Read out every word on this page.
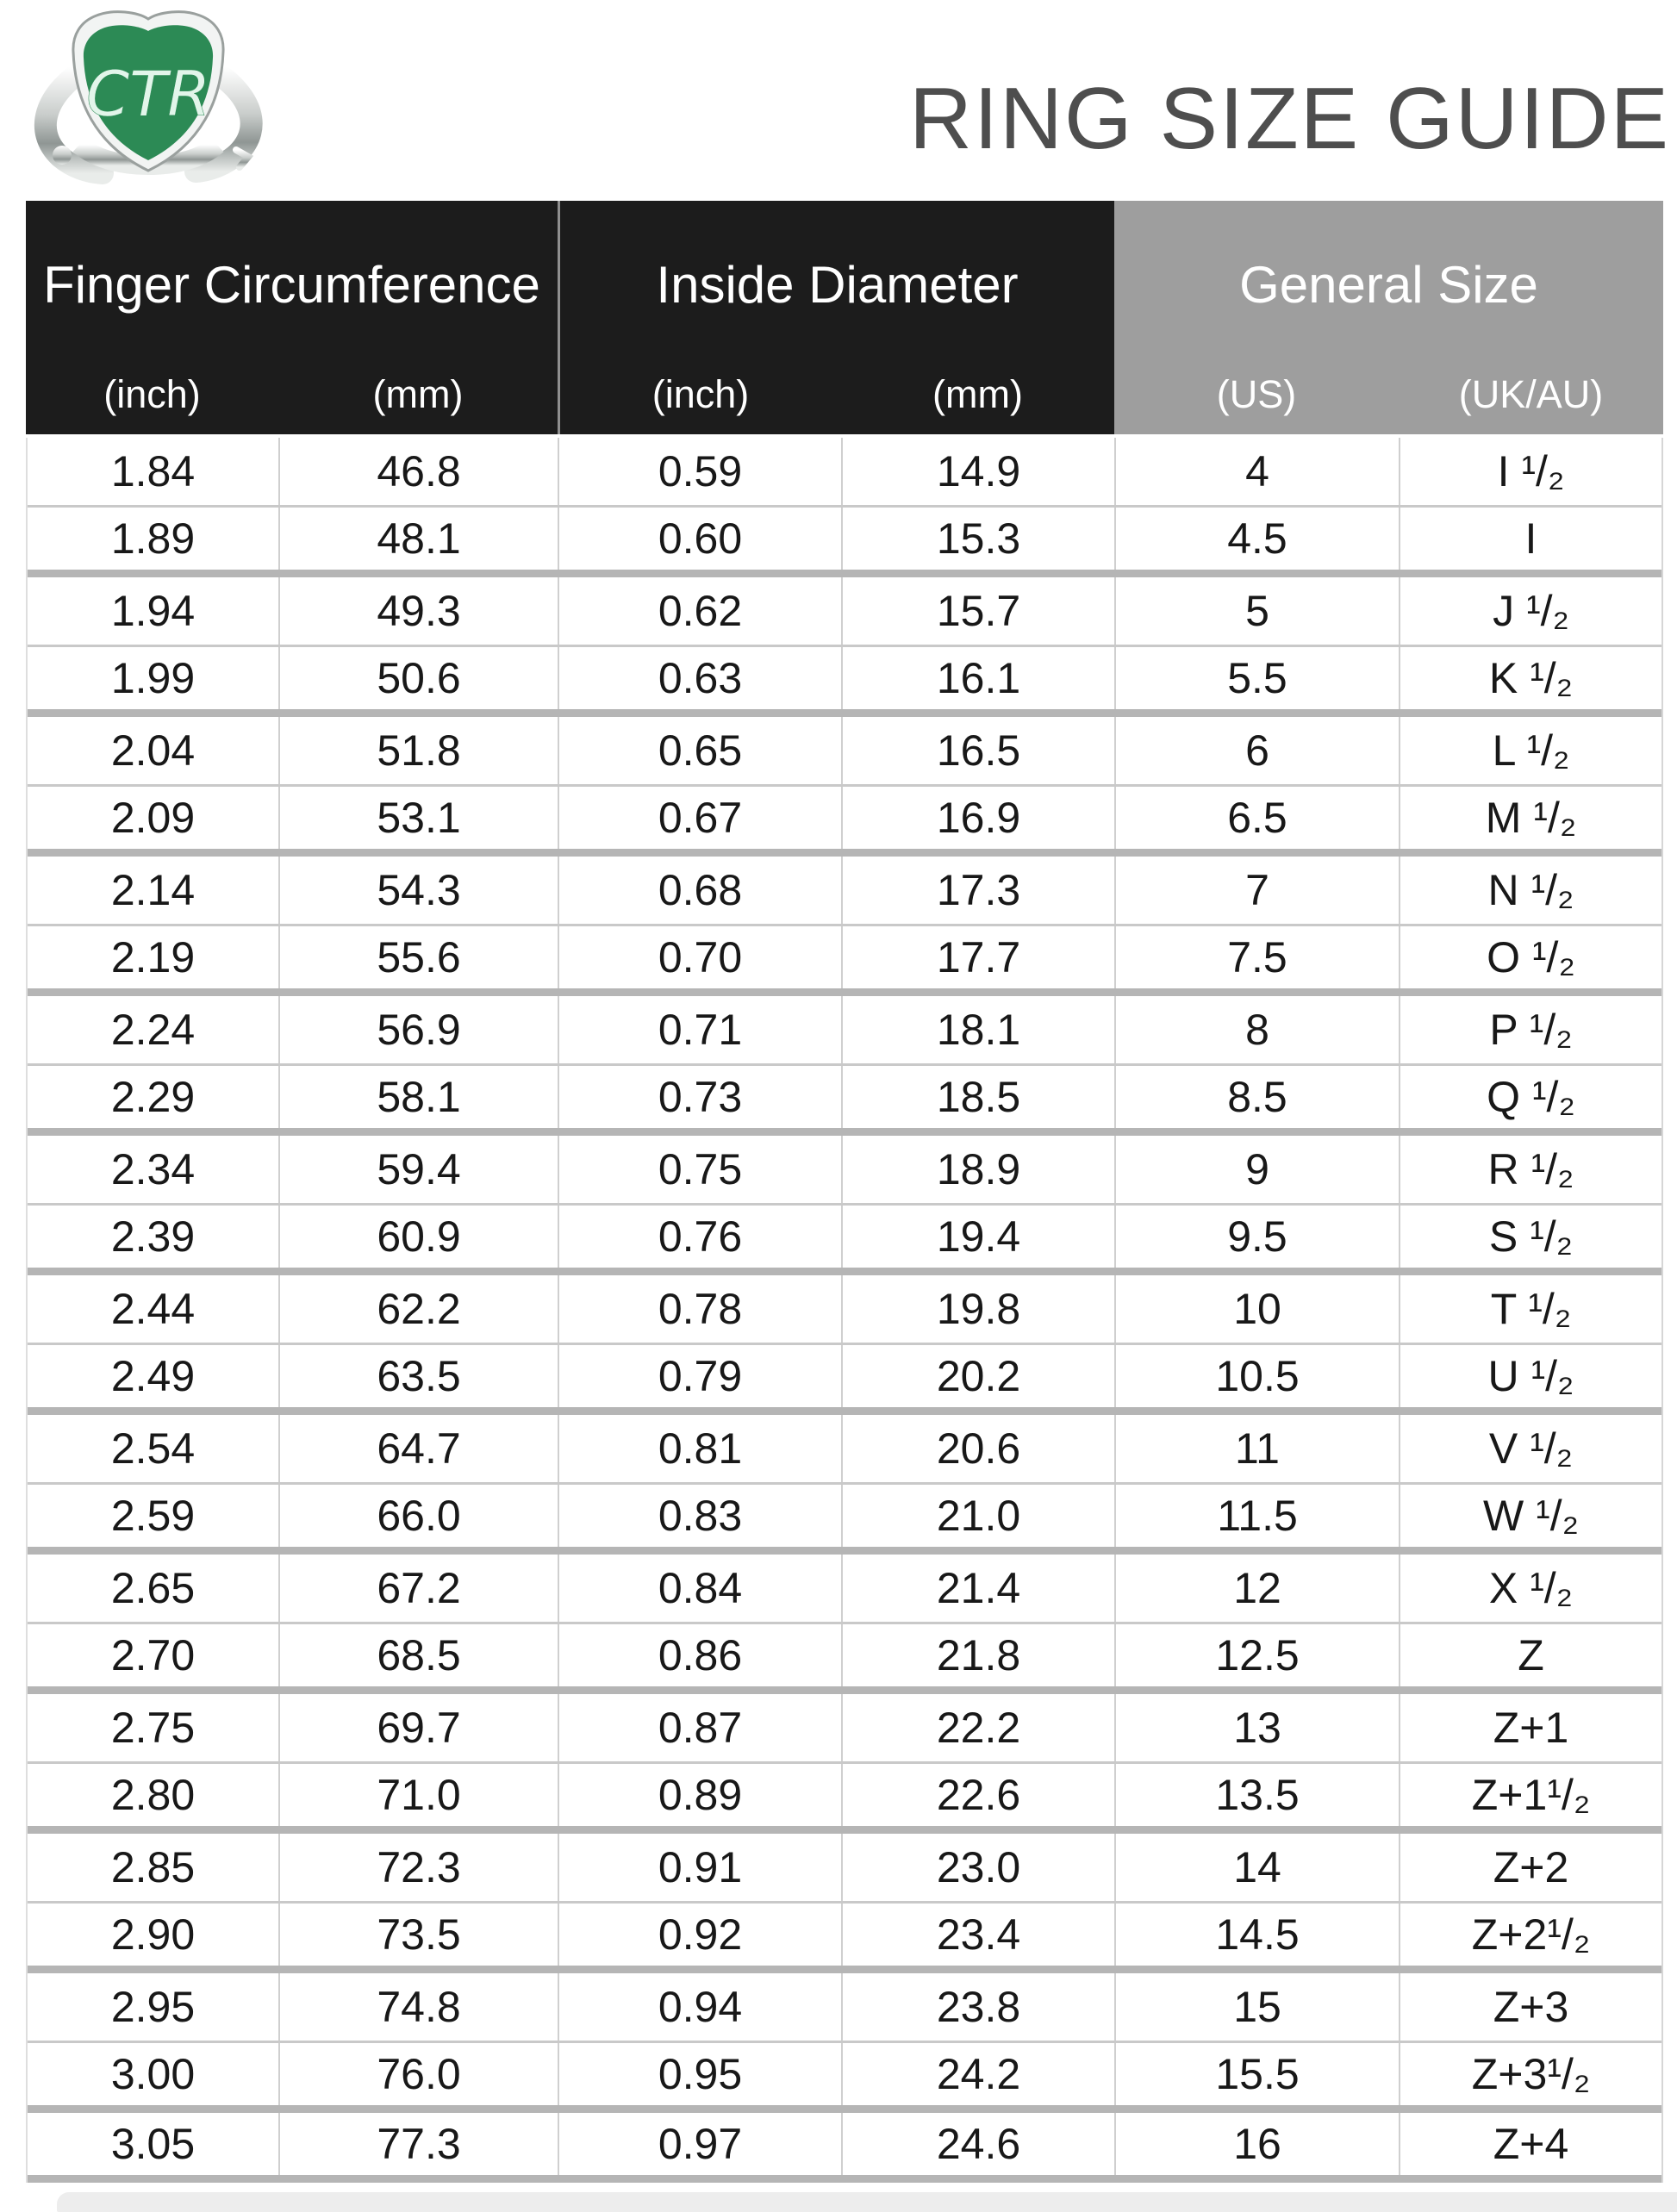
CTR	RING SIZE GUIDE
Finger Circumference
(inch)	(mm)
Inside Diameter
(inch)	(mm)
General Size
(US)	(UK/AU)
1.84	46.8	0.59	14.9	4	I ¹/₂
1.89	48.1	0.60	15.3	4.5	I
1.94	49.3	0.62	15.7	5	J ¹/₂
1.99	50.6	0.63	16.1	5.5	K ¹/₂
2.04	51.8	0.65	16.5	6	L ¹/₂
2.09	53.1	0.67	16.9	6.5	M ¹/₂
2.14	54.3	0.68	17.3	7	N ¹/₂
2.19	55.6	0.70	17.7	7.5	O ¹/₂
2.24	56.9	0.71	18.1	8	P ¹/₂
2.29	58.1	0.73	18.5	8.5	Q ¹/₂
2.34	59.4	0.75	18.9	9	R ¹/₂
2.39	60.9	0.76	19.4	9.5	S ¹/₂
2.44	62.2	0.78	19.8	10	T ¹/₂
2.49	63.5	0.79	20.2	10.5	U ¹/₂
2.54	64.7	0.81	20.6	11	V ¹/₂
2.59	66.0	0.83	21.0	11.5	W ¹/₂
2.65	67.2	0.84	21.4	12	X ¹/₂
2.70	68.5	0.86	21.8	12.5	Z
2.75	69.7	0.87	22.2	13	Z+1
2.80	71.0	0.89	22.6	13.5	Z+1¹/₂
2.85	72.3	0.91	23.0	14	Z+2
2.90	73.5	0.92	23.4	14.5	Z+2¹/₂
2.95	74.8	0.94	23.8	15	Z+3
3.00	76.0	0.95	24.2	15.5	Z+3¹/₂
3.05	77.3	0.97	24.6	16	Z+4
